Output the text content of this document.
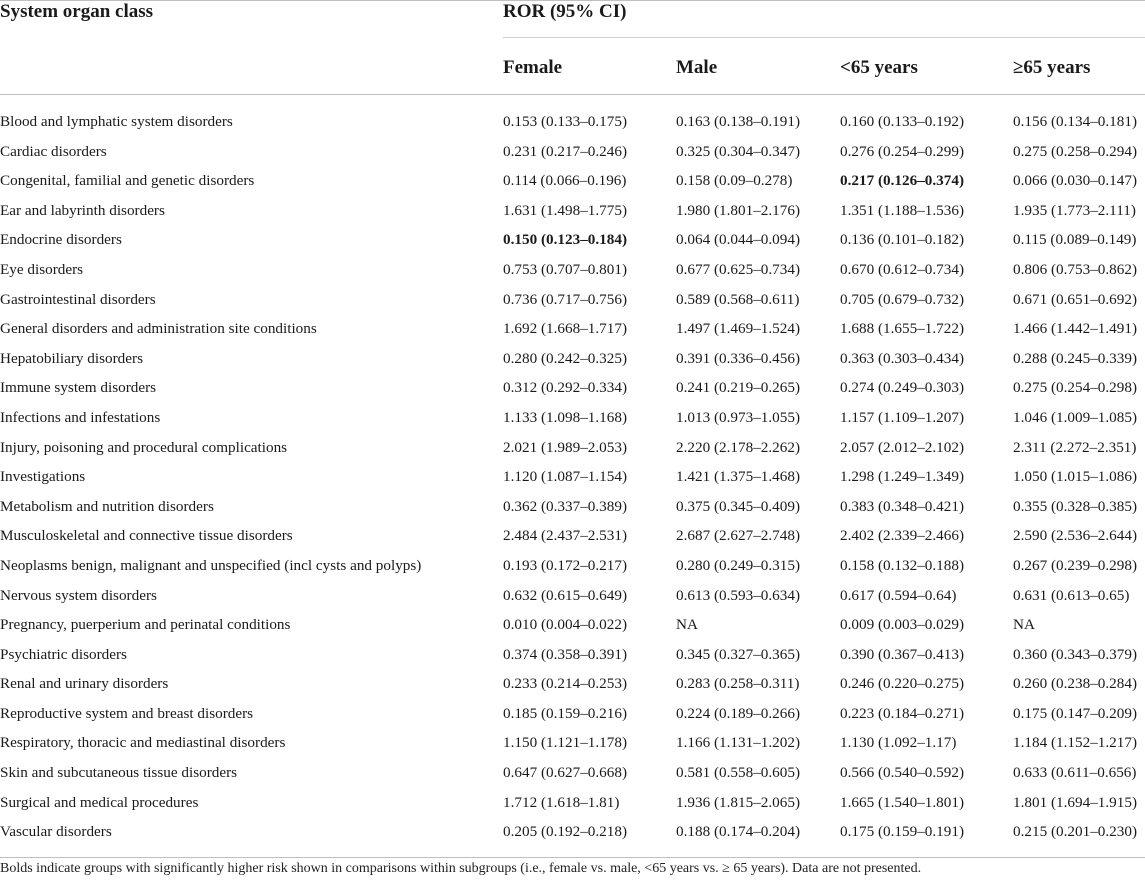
System organ class	ROR (95% CI)
Female	Male	<65 years	≥65 years
Blood and lymphatic system disorders	0.153 (0.133–0.175)	0.163 (0.138–0.191)	0.160 (0.133–0.192)	0.156 (0.134–0.181)
Cardiac disorders	0.231 (0.217–0.246)	0.325 (0.304–0.347)	0.276 (0.254–0.299)	0.275 (0.258–0.294)
Congenital, familial and genetic disorders	0.114 (0.066–0.196)	0.158 (0.09–0.278)	0.217 (0.126–0.374)	0.066 (0.030–0.147)
Ear and labyrinth disorders	1.631 (1.498–1.775)	1.980 (1.801–2.176)	1.351 (1.188–1.536)	1.935 (1.773–2.111)
Endocrine disorders	0.150 (0.123–0.184)	0.064 (0.044–0.094)	0.136 (0.101–0.182)	0.115 (0.089–0.149)
Eye disorders	0.753 (0.707–0.801)	0.677 (0.625–0.734)	0.670 (0.612–0.734)	0.806 (0.753–0.862)
Gastrointestinal disorders	0.736 (0.717–0.756)	0.589 (0.568–0.611)	0.705 (0.679–0.732)	0.671 (0.651–0.692)
General disorders and administration site conditions	1.692 (1.668–1.717)	1.497 (1.469–1.524)	1.688 (1.655–1.722)	1.466 (1.442–1.491)
Hepatobiliary disorders	0.280 (0.242–0.325)	0.391 (0.336–0.456)	0.363 (0.303–0.434)	0.288 (0.245–0.339)
Immune system disorders	0.312 (0.292–0.334)	0.241 (0.219–0.265)	0.274 (0.249–0.303)	0.275 (0.254–0.298)
Infections and infestations	1.133 (1.098–1.168)	1.013 (0.973–1.055)	1.157 (1.109–1.207)	1.046 (1.009–1.085)
Injury, poisoning and procedural complications	2.021 (1.989–2.053)	2.220 (2.178–2.262)	2.057 (2.012–2.102)	2.311 (2.272–2.351)
Investigations	1.120 (1.087–1.154)	1.421 (1.375–1.468)	1.298 (1.249–1.349)	1.050 (1.015–1.086)
Metabolism and nutrition disorders	0.362 (0.337–0.389)	0.375 (0.345–0.409)	0.383 (0.348–0.421)	0.355 (0.328–0.385)
Musculoskeletal and connective tissue disorders	2.484 (2.437–2.531)	2.687 (2.627–2.748)	2.402 (2.339–2.466)	2.590 (2.536–2.644)
Neoplasms benign, malignant and unspecified (incl cysts and polyps)	0.193 (0.172–0.217)	0.280 (0.249–0.315)	0.158 (0.132–0.188)	0.267 (0.239–0.298)
Nervous system disorders	0.632 (0.615–0.649)	0.613 (0.593–0.634)	0.617 (0.594–0.64)	0.631 (0.613–0.65)
Pregnancy, puerperium and perinatal conditions	0.010 (0.004–0.022)	NA	0.009 (0.003–0.029)	NA
Psychiatric disorders	0.374 (0.358–0.391)	0.345 (0.327–0.365)	0.390 (0.367–0.413)	0.360 (0.343–0.379)
Renal and urinary disorders	0.233 (0.214–0.253)	0.283 (0.258–0.311)	0.246 (0.220–0.275)	0.260 (0.238–0.284)
Reproductive system and breast disorders	0.185 (0.159–0.216)	0.224 (0.189–0.266)	0.223 (0.184–0.271)	0.175 (0.147–0.209)
Respiratory, thoracic and mediastinal disorders	1.150 (1.121–1.178)	1.166 (1.131–1.202)	1.130 (1.092–1.17)	1.184 (1.152–1.217)
Skin and subcutaneous tissue disorders	0.647 (0.627–0.668)	0.581 (0.558–0.605)	0.566 (0.540–0.592)	0.633 (0.611–0.656)
Surgical and medical procedures	1.712 (1.618–1.81)	1.936 (1.815–2.065)	1.665 (1.540–1.801)	1.801 (1.694–1.915)
Vascular disorders	0.205 (0.192–0.218)	0.188 (0.174–0.204)	0.175 (0.159–0.191)	0.215 (0.201–0.230)
Bolds indicate groups with significantly higher risk shown in comparisons within subgroups (i.e., female vs. male, <65 years vs. ≥ 65 years). Data are not presented.
